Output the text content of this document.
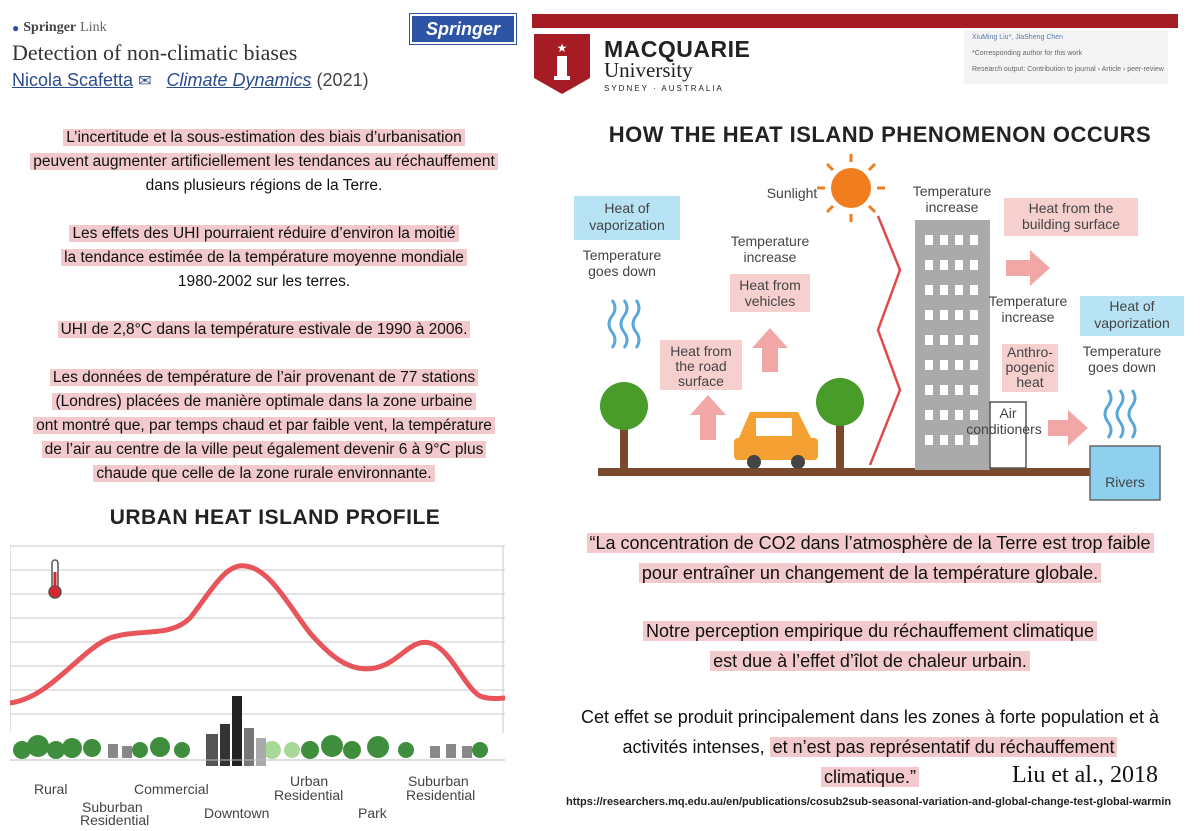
● Springer Link
Detection of non-climatic biases
Nicola Scafetta ✉ Climate Dynamics (2021)
Springer
L’incertitude et la sous-estimation des biais d’urbanisation
peuvent augmenter artificiellement les tendances au réchauffement
dans plusieurs régions de la Terre.
Les effets des UHI pourraient réduire d’environ la moitié
la tendance estimée de la température moyenne mondiale
1980-2002 sur les terres.
UHI de 2,8°C dans la température estivale de 1990 à 2006.
Les données de température de l’air provenant de 77 stations
(Londres) placées de manière optimale dans la zone urbaine
ont montré que, par temps chaud et par faible vent, la température
de l’air au centre de la ville peut également devenir 6 à 9°C plus
chaude que celle de la zone rurale environnante.
URBAN HEAT ISLAND PROFILE
Rural
Suburban Residential
Commercial
Downtown
Urban Residential
Park
Suburban Residential
★ MACQUARIE
University
SYDNEY · AUSTRALIA
XiuMing Liu*, JiaSheng Chen
*Corresponding author for this work
Research output: Contribution to journal › Article › peer-review
HOW THE HEAT ISLAND PHENOMENON OCCURS
Heat of vaporization
Temperature goes down
Temperature increase
Heat from vehicles
Heat from the road surface
Sunlight	Temperature increase	Heat from the building surface
Temperature increase
Heat of vaporization
Anthro-pogenic heat
Temperature goes down
Air conditioners
Rivers
“La concentration de CO2 dans l’atmosphère de la Terre est trop faible
pour entraîner un changement de la température globale.
Notre perception empirique du réchauffement climatique
est due à l’effet d’îlot de chaleur urbain.
Cet effet se produit principalement dans les zones à forte population et à
activités intenses, et n’est pas représentatif du réchauffement
climatique.”	Liu et al., 2018
https://researchers.mq.edu.au/en/publications/cosub2sub-seasonal-variation-and-global-change-test-global-warmin
